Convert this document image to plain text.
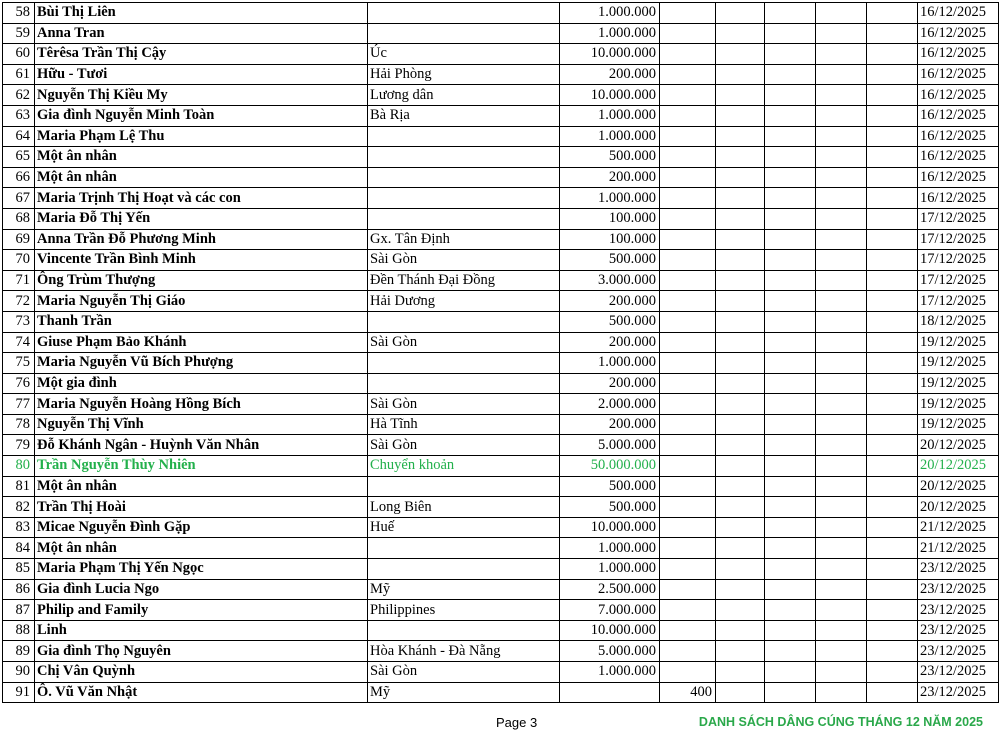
58	Bùi Thị Liên		1.000.000						16/12/2025
59	Anna Tran		1.000.000						16/12/2025
60	Têrêsa Trần Thị Cậy	Úc	10.000.000						16/12/2025
61	Hữu - Tươi	Hải Phòng	200.000						16/12/2025
62	Nguyễn Thị Kiều My	Lương dân	10.000.000						16/12/2025
63	Gia đình Nguyễn Minh Toàn	Bà Rịa	1.000.000						16/12/2025
64	Maria Phạm Lệ Thu		1.000.000						16/12/2025
65	Một ân nhân		500.000						16/12/2025
66	Một ân nhân		200.000						16/12/2025
67	Maria Trịnh Thị Hoạt và các con		1.000.000						16/12/2025
68	Maria Đỗ Thị Yến		100.000						17/12/2025
69	Anna Trần Đỗ Phương Minh	Gx. Tân Định	100.000						17/12/2025
70	Vincente Trần Bình Minh	Sài Gòn	500.000						17/12/2025
71	Ông Trùm Thượng	Đền Thánh Đại Đồng	3.000.000						17/12/2025
72	Maria Nguyễn Thị Giáo	Hải Dương	200.000						17/12/2025
73	Thanh Trần		500.000						18/12/2025
74	Giuse Phạm Bảo Khánh	Sài Gòn	200.000						19/12/2025
75	Maria Nguyễn Vũ Bích Phượng		1.000.000						19/12/2025
76	Một gia đình		200.000						19/12/2025
77	Maria Nguyễn Hoàng Hồng Bích	Sài Gòn	2.000.000						19/12/2025
78	Nguyễn Thị Vĩnh	Hà Tĩnh	200.000						19/12/2025
79	Đỗ Khánh Ngân - Huỳnh Văn Nhân	Sài Gòn	5.000.000						20/12/2025
80	Trần Nguyễn Thùy Nhiên	Chuyển khoản	50.000.000						20/12/2025
81	Một ân nhân		500.000						20/12/2025
82	Trần Thị Hoài	Long Biên	500.000						20/12/2025
83	Micae Nguyễn Đình Gặp	Huế	10.000.000						21/12/2025
84	Một ân nhân		1.000.000						21/12/2025
85	Maria Phạm Thị Yến Ngọc		1.000.000						23/12/2025
86	Gia đình Lucia Ngo	Mỹ	2.500.000						23/12/2025
87	Philip and Family	Philippines	7.000.000						23/12/2025
88	Linh		10.000.000						23/12/2025
89	Gia đình Thọ Nguyên	Hòa Khánh - Đà Nẵng	5.000.000						23/12/2025
90	Chị Vân Quỳnh	Sài Gòn	1.000.000						23/12/2025
91	Ô. Vũ Văn Nhật	Mỹ		400					23/12/2025
Page 3	DANH SÁCH DÂNG CÚNG THÁNG 12 NĂM 2025
